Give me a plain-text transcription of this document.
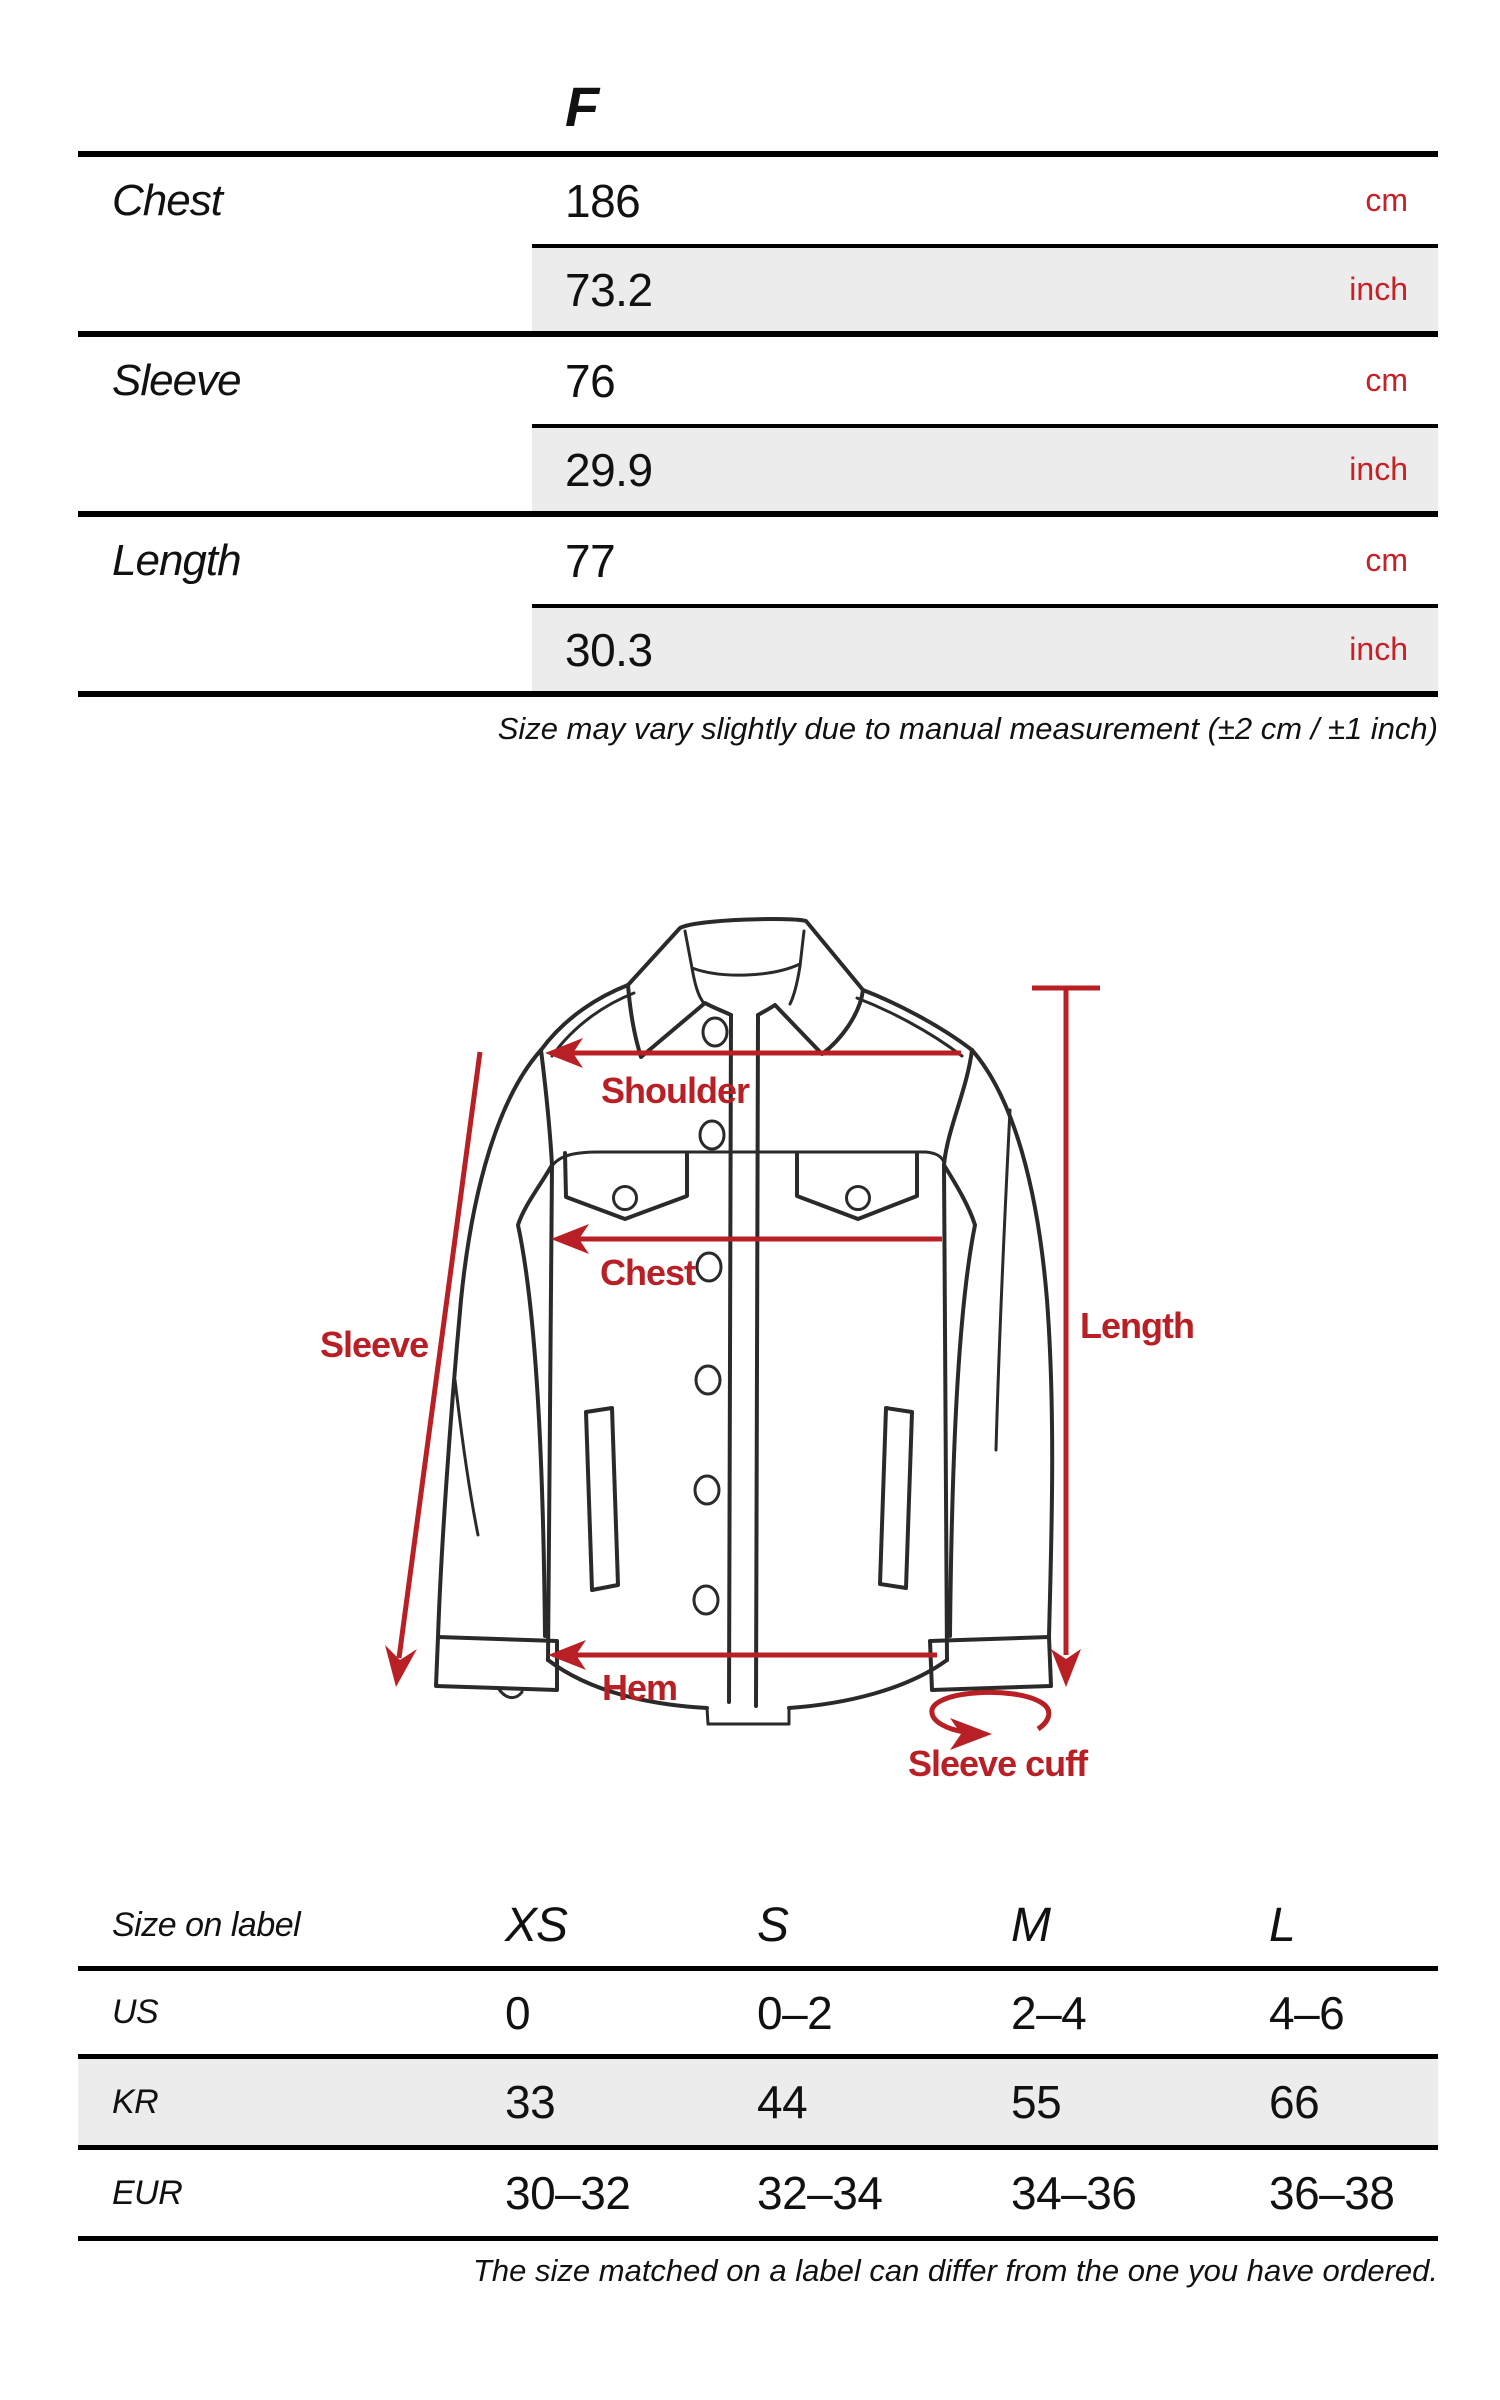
F
Chest	186	cm
73.2	inch
Sleeve	76	cm
29.9	inch
Length	77	cm
30.3	inch
Size may vary slightly due to manual measurement (±2 cm / ±1 inch)
Shoulder
Chest
Sleeve	Length
Hem
Sleeve cuff
Size on label	XS	S	M	L
US	0	0–2	2–4	4–6
KR	33	44	55	66
EUR	30–32	32–34	34–36	36–38
The size matched on a label can differ from the one you have ordered.
